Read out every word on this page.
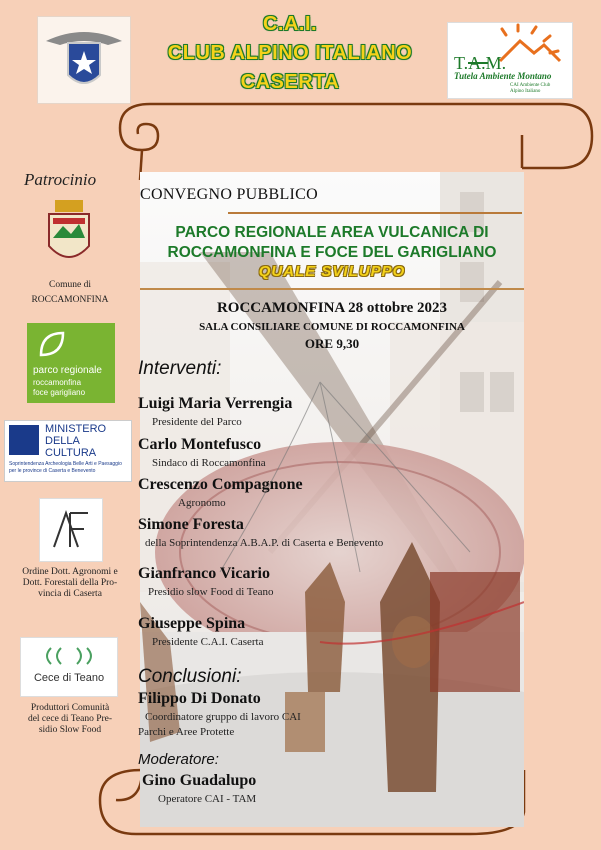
C.A.I.
CLUB ALPINO ITALIANO
CASERTA
T.A.M.
Tutela Ambiente Montano
CAI Ambiente Club Alpino Italiano
CONVEGNO PUBBLICO
PARCO REGIONALE AREA VULCANICA DI
ROCCAMONFINA E FOCE DEL GARIGLIANO
QUALE SVILUPPO
ROCCAMONFINA 28 ottobre 2023
SALA CONSILIARE COMUNE DI ROCCAMONFINA
ORE 9,30
Interventi:
Luigi Maria Verrengia
Presidente del Parco
Carlo Montefusco
Sindaco di Roccamonfina
Crescenzo Compagnone
Agronomo
Simone Foresta
della Soprintendenza A.B.A.P. di Caserta e Benevento
Gianfranco Vicario
Presidio slow Food di Teano
Giuseppe Spina
Presidente C.A.I. Caserta
Conclusioni:
Filippo Di Donato
Coordinatore gruppo di lavoro CAI
Parchi e Aree Protette
Moderatore:
Gino Guadalupo
Operatore CAI - TAM
Patrocinio
Comune di
ROCCAMONFINA
parco regionale
roccamonfina
foce garigliano
MINISTERO
DELLA
CULTURA
Soprintendenza Archeologia Belle Arti e Paesaggio
per le province di Caserta e Benevento
Ordine Dott. Agronomi e
Dott. Forestali della Pro-
vincia di Caserta
Cece di Teano
Produttori Comunità
del cece di Teano Pre-
sidio Slow Food
